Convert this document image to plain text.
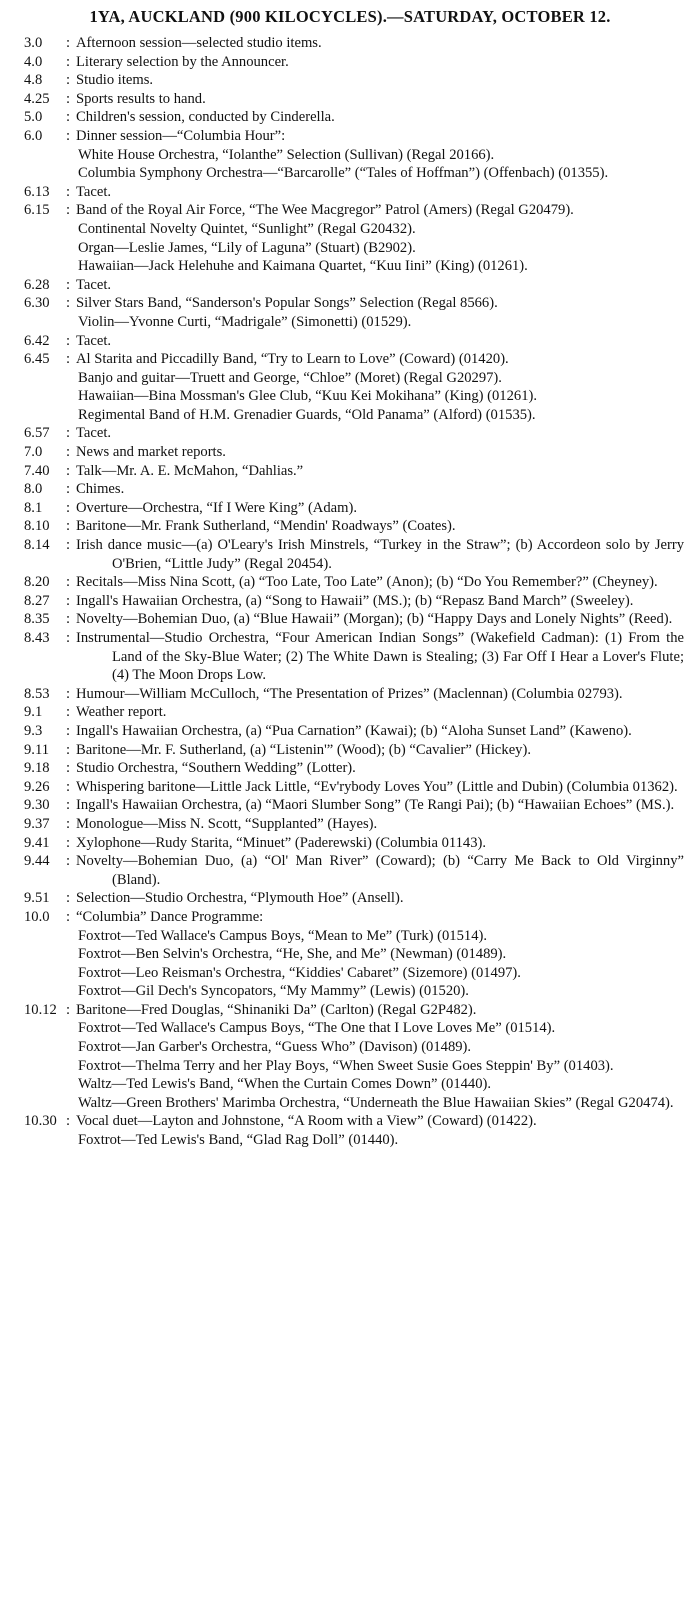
1YA, AUCKLAND (900 KILOCYCLES).—SATURDAY, OCTOBER 12.
3.0 : Afternoon session—selected studio items.
4.0 : Literary selection by the Announcer.
4.8 : Studio items.
4.25 : Sports results to hand.
5.0 : Children's session, conducted by Cinderella.
6.0 : Dinner session—“Columbia Hour”:
White House Orchestra, “Iolanthe” Selection (Sullivan) (Regal 20166).
Columbia Symphony Orchestra—“Barcarolle” (“Tales of Hoffman”) (Offenbach) (01355).
6.13 : Tacet.
6.15 : Band of the Royal Air Force, “The Wee Macgregor” Patrol (Amers) (Regal G20479).
Continental Novelty Quintet, “Sunlight” (Regal G20432).
Organ—Leslie James, “Lily of Laguna” (Stuart) (B2902).
Hawaiian—Jack Helehuhe and Kaimana Quartet, “Kuu Iini” (King) (01261).
6.28 : Tacet.
6.30 : Silver Stars Band, “Sanderson's Popular Songs” Selection (Regal 8566).
Violin—Yvonne Curti, “Madrigale” (Simonetti) (01529).
6.42 : Tacet.
6.45 : Al Starita and Piccadilly Band, “Try to Learn to Love” (Coward) (01420).
Banjo and guitar—Truett and George, “Chloe” (Moret) (Regal G20297).
Hawaiian—Bina Mossman's Glee Club, “Kuu Kei Mokihana” (King) (01261).
Regimental Band of H.M. Grenadier Guards, “Old Panama” (Alford) (01535).
6.57 : Tacet.
7.0 : News and market reports.
7.40 : Talk—Mr. A. E. McMahon, “Dahlias.”
8.0 : Chimes.
8.1 : Overture—Orchestra, “If I Were King” (Adam).
8.10 : Baritone—Mr. Frank Sutherland, “Mendin' Roadways” (Coates).
8.14 : Irish dance music—(a) O'Leary's Irish Minstrels, “Turkey in the Straw”; (b) Accordeon solo by Jerry O'Brien, “Little Judy” (Regal 20454).
8.20 : Recitals—Miss Nina Scott, (a) “Too Late, Too Late” (Anon); (b) “Do You Remember?” (Cheyney).
8.27 : Ingall's Hawaiian Orchestra, (a) “Song to Hawaii” (MS.); (b) “Repasz Band March” (Sweeley).
8.35 : Novelty—Bohemian Duo, (a) “Blue Hawaii” (Morgan); (b) “Happy Days and Lonely Nights” (Reed).
8.43 : Instrumental—Studio Orchestra, “Four American Indian Songs” (Wakefield Cadman): (1) From the Land of the Sky-Blue Water; (2) The White Dawn is Stealing; (3) Far Off I Hear a Lover's Flute; (4) The Moon Drops Low.
8.53 : Humour—William McCulloch, “The Presentation of Prizes” (Maclennan) (Columbia 02793).
9.1 : Weather report.
9.3 : Ingall's Hawaiian Orchestra, (a) “Pua Carnation” (Kawai); (b) “Aloha Sunset Land” (Kaweno).
9.11 : Baritone—Mr. F. Sutherland, (a) “Listenin'” (Wood); (b) “Cavalier” (Hickey).
9.18 : Studio Orchestra, “Southern Wedding” (Lotter).
9.26 : Whispering baritone—Little Jack Little, “Ev'rybody Loves You” (Little and Dubin) (Columbia 01362).
9.30 : Ingall's Hawaiian Orchestra, (a) “Maori Slumber Song” (Te Rangi Pai); (b) “Hawaiian Echoes” (MS.).
9.37 : Monologue—Miss N. Scott, “Supplanted” (Hayes).
9.41 : Xylophone—Rudy Starita, “Minuet” (Paderewski) (Columbia 01143).
9.44 : Novelty—Bohemian Duo, (a) “Ol' Man River” (Coward); (b) “Carry Me Back to Old Virginny” (Bland).
9.51 : Selection—Studio Orchestra, “Plymouth Hoe” (Ansell).
10.0 : “Columbia” Dance Programme:
Foxtrot—Ted Wallace's Campus Boys, “Mean to Me” (Turk) (01514).
Foxtrot—Ben Selvin's Orchestra, “He, She, and Me” (Newman) (01489).
Foxtrot—Leo Reisman's Orchestra, “Kiddies' Cabaret” (Sizemore) (01497).
Foxtrot—Gil Dech's Syncopators, “My Mammy” (Lewis) (01520).
10.12 : Baritone—Fred Douglas, “Shinaniki Da” (Carlton) (Regal G2P482).
Foxtrot—Ted Wallace's Campus Boys, “The One that I Love Loves Me” (01514).
Foxtrot—Jan Garber's Orchestra, “Guess Who” (Davison) (01489).
Foxtrot—Thelma Terry and her Play Boys, “When Sweet Susie Goes Steppin' By” (01403).
Waltz—Ted Lewis's Band, “When the Curtain Comes Down” (01440).
Waltz—Green Brothers' Marimba Orchestra, “Underneath the Blue Hawaiian Skies” (Regal G20474).
10.30 : Vocal duet—Layton and Johnstone, “A Room with a View” (Coward) (01422).
Foxtrot—Ted Lewis's Band, “Glad Rag Doll” (01440).
